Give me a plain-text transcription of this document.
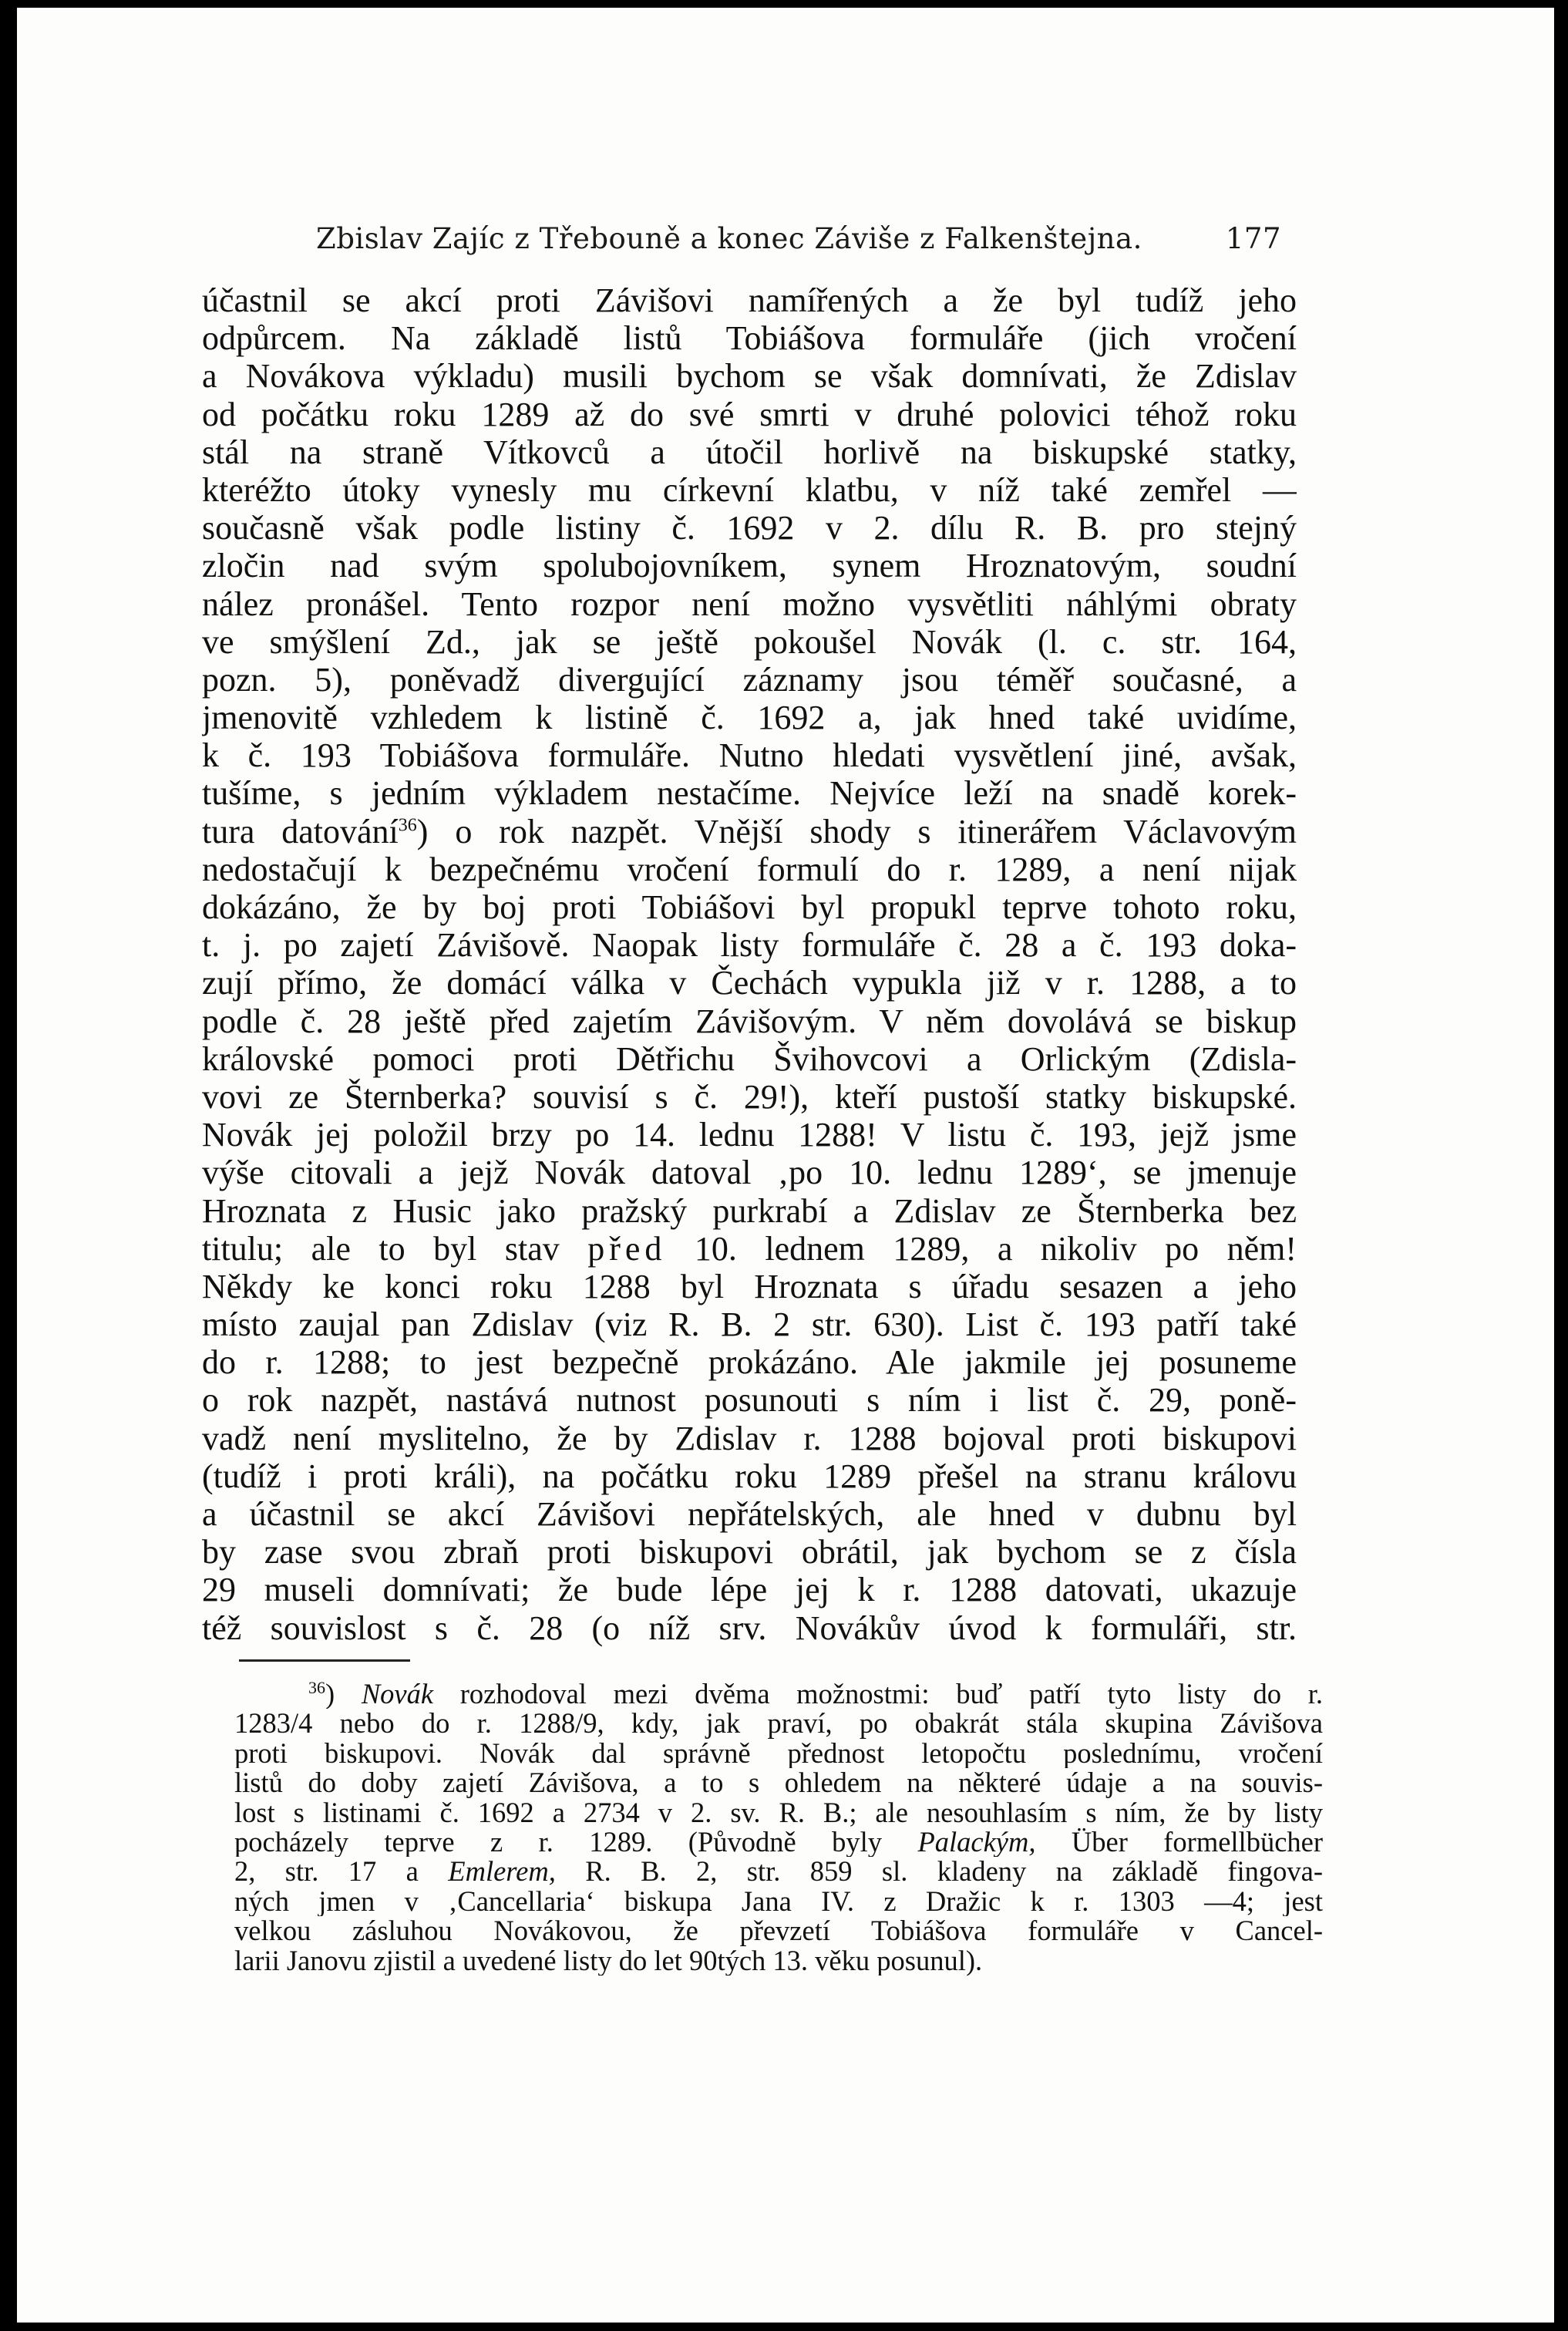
Zbislav Zajíc z Třebouně a konec Záviše z Falkenštejna.	177
účastnil se akcí proti Závišovi namířených a že byl tudíž jeho
odpůrcem. Na základě listů Tobiášova formuláře (jich vročení
a Novákova výkladu) musili bychom se však domnívati, že Zdislav
od počátku roku 1289 až do své smrti v druhé polovici téhož roku
stál na straně Vítkovců a útočil horlivě na biskupské statky,
kteréžto útoky vynesly mu církevní klatbu, v níž také zemřel —
současně však podle listiny č. 1692 v 2. dílu R. B. pro stejný
zločin nad svým spolubojovníkem, synem Hroznatovým, soudní
nález pronášel. Tento rozpor není možno vysvětliti náhlými obraty
ve smýšlení Zd., jak se ještě pokoušel Novák (l. c. str. 164,
pozn. 5), poněvadž divergující záznamy jsou téměř současné, a
jmenovitě vzhledem k listině č. 1692 a, jak hned také uvidíme,
k č. 193 Tobiášova formuláře. Nutno hledati vysvětlení jiné, avšak,
tušíme, s jedním výkladem nestačíme. Nejvíce leží na snadě korek-
tura datování$^{36}$) o rok nazpět. Vnější shody s itinerářem Václavovým
nedostačují k bezpečnému vročení formulí do r. 1289, a není nijak
dokázáno, že by boj proti Tobiášovi byl propukl teprve tohoto roku,
t. j. po zajetí Závišově. Naopak listy formuláře č. 28 a č. 193 doka-
zují přímo, že domácí válka v Čechách vypukla již v r. 1288, a to
podle č. 28 ještě před zajetím Závišovým. V něm dovolává se biskup
královské pomoci proti Dětřichu Švihovcovi a Orlickým (Zdisla-
vovi ze Šternberka? souvisí s č. 29!), kteří pustoší statky biskupské.
Novák jej položil brzy po 14. lednu 1288! V listu č. 193, jejž jsme
výše citovali a jejž Novák datoval ‚po 10. lednu 1289‘, se jmenuje
Hroznata z Husic jako pražský purkrabí a Zdislav ze Šternberka bez
titulu; ale to byl stav před 10. lednem 1289, a nikoliv po něm!
Někdy ke konci roku 1288 byl Hroznata s úřadu sesazen a jeho
místo zaujal pan Zdislav (viz R. B. 2 str. 630). List č. 193 patří také
do r. 1288; to jest bezpečně prokázáno. Ale jakmile jej posuneme
o rok nazpět, nastává nutnost posunouti s ním i list č. 29, poně-
vadž není myslitelno, že by Zdislav r. 1288 bojoval proti biskupovi
(tudíž i proti králi), na počátku roku 1289 přešel na stranu královu
a účastnil se akcí Závišovi nepřátelských, ale hned v dubnu byl
by zase svou zbraň proti biskupovi obrátil, jak bychom se z čísla
29 museli domnívati; že bude lépe jej k r. 1288 datovati, ukazuje
též souvislost s č. 28 (o níž srv. Novákův úvod k formuláři, str.
$^{36}$) Novák rozhodoval mezi dvěma možnostmi: buď patří tyto listy do r.
1283/4 nebo do r. 1288/9, kdy, jak praví, po obakrát stála skupina Závišova
proti biskupovi. Novák dal správně přednost letopočtu poslednímu, vročení
listů do doby zajetí Závišova, a to s ohledem na některé údaje a na souvis-
lost s listinami č. 1692 a 2734 v 2. sv. R. B.; ale nesouhlasím s ním, že by listy
pocházely teprve z r. 1289. (Původně byly Palackým, Über formellbücher
2, str. 17 a Emlerem, R. B. 2, str. 859 sl. kladeny na základě fingova-
ných jmen v ‚Cancellaria‘ biskupa Jana IV. z Dražic k r. 1303 —4; jest
velkou zásluhou Novákovou, že převzetí Tobiášova formuláře v Cancel-
larii Janovu zjistil a uvedené listy do let 90tých 13. věku posunul).
